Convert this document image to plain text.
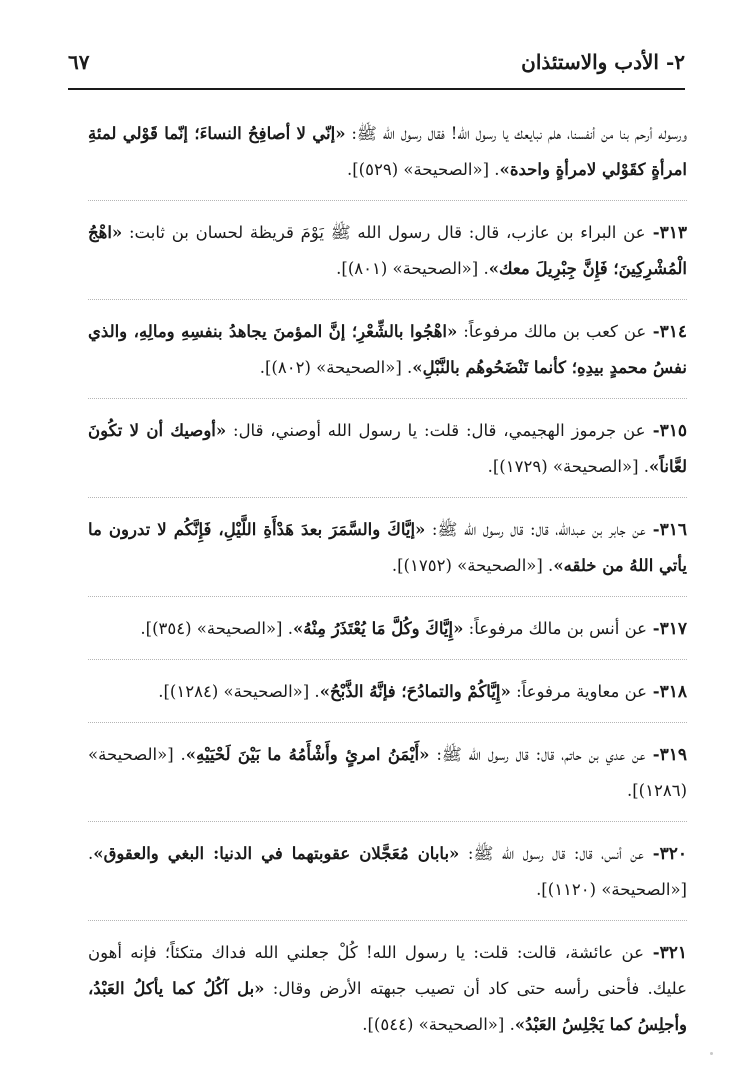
٦٧	٢- الأدب والاستئذان

ورسوله أرحم بنا من أنفسنا، هلم نبايعك يا رسول الله! فقال رسول الله ﷺ: «إنّي لا أصافِحُ النساءَ؛ إنّما قَوْلي لمئةِ امرأةٍ كقَوْلي لامرأةٍ واحدة». [«الصحيحة» (٥٢٩)].

٣١٣- عن البراء بن عازب، قال: قال رسول الله ﷺ يَوْمَ قريظة لحسان بن ثابت: «اهْجُ الْمُشْرِكِينَ؛ فَإِنَّ جِبْرِيلَ معك». [«الصحيحة» (٨٠١)].

٣١٤- عن كعب بن مالك مرفوعاً: «اهْجُوا بالشِّعْرِ؛ إنَّ المؤمنَ يجاهدُ بنفسِهِ ومالِهِ، والذي نفسُ محمدٍ بيدِهِ؛ كأنما تَنْضَحُوهُم بالنَّبْلِ». [«الصحيحة» (٨٠٢)].

٣١٥- عن جرموز الهجيمي، قال: قلت: يا رسول الله أوصني، قال: «أوصيك أن لا تكُونَ لعَّاناً». [«الصحيحة» (١٧٢٩)].

٣١٦- عن جابر بن عبدالله، قال: قال رسول الله ﷺ: «إيَّاكَ والسَّمَرَ بعدَ هَدْأَةِ اللَّيْلِ، فَإِنَّكُم لا تدرون ما يأتي اللهُ من خلقه». [«الصحيحة» (١٧٥٢)].

٣١٧- عن أنس بن مالك مرفوعاً: «إِيَّاكَ وكُلَّ مَا يُعْتَذَرُ مِنْهُ». [«الصحيحة» (٣٥٤)].

٣١٨- عن معاوية مرفوعاً: «إِيَّاكُمْ والتمادُحَ؛ فإنَّهُ الذَّبْحُ». [«الصحيحة» (١٢٨٤)].

٣١٩- عن عدي بن حاتم، قال: قال رسول الله ﷺ: «أَيْمَنُ امرئٍ وأَشْأَمُهُ ما بَيْنَ لَحْيَيْهِ». [«الصحيحة» (١٢٨٦)].

٣٢٠- عن أنس، قال: قال رسول الله ﷺ: «بابان مُعَجَّلان عقوبتهما في الدنيا: البغي والعقوق». [«الصحيحة» (١١٢٠)].

٣٢١- عن عائشة، قالت: قلت: يا رسول الله! كُلْ جعلني الله فداك متكئاً؛ فإنه أهون عليك. فأحنى رأسه حتى كاد أن تصيب جبهته الأرض وقال: «بل آكُلُ كما يأكلُ العَبْدُ، وأجلِسُ كما يَجْلِسُ العَبْدُ». [«الصحيحة» (٥٤٤)].
